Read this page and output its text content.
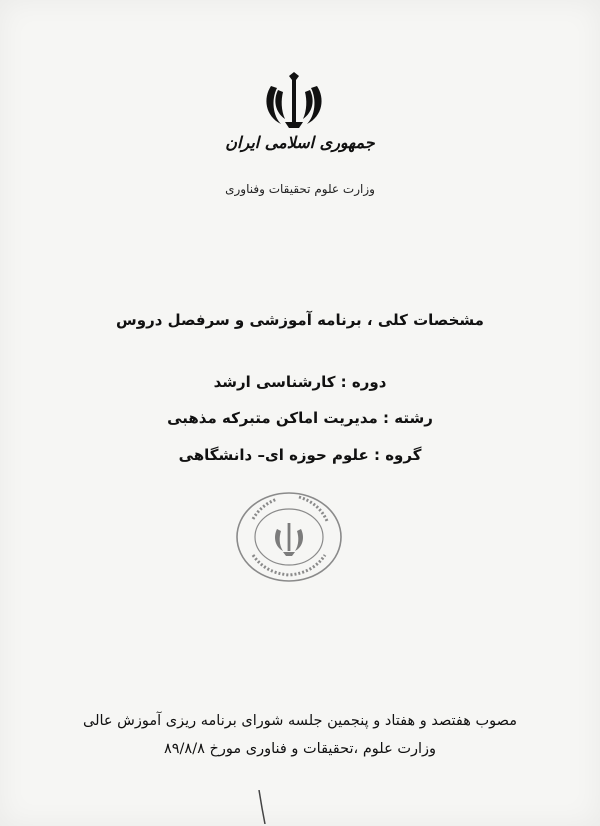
جمهوری اسلامی ایران
وزارت علوم تحقیقات وفناوری
مشخصات کلی ، برنامه آموزشی و سرفصل دروس
دوره : کارشناسی ارشد
رشته : مدیریت اماکن متبرکه مذهبی
گروه : علوم حوزه ای– دانشگاهی
مصوب هفتصد و هفتاد و پنجمین جلسه شورای برنامه ریزی آموزش عالی
وزارت علوم ،تحقیقات و فناوری مورخ ۸۹/۸/۸
